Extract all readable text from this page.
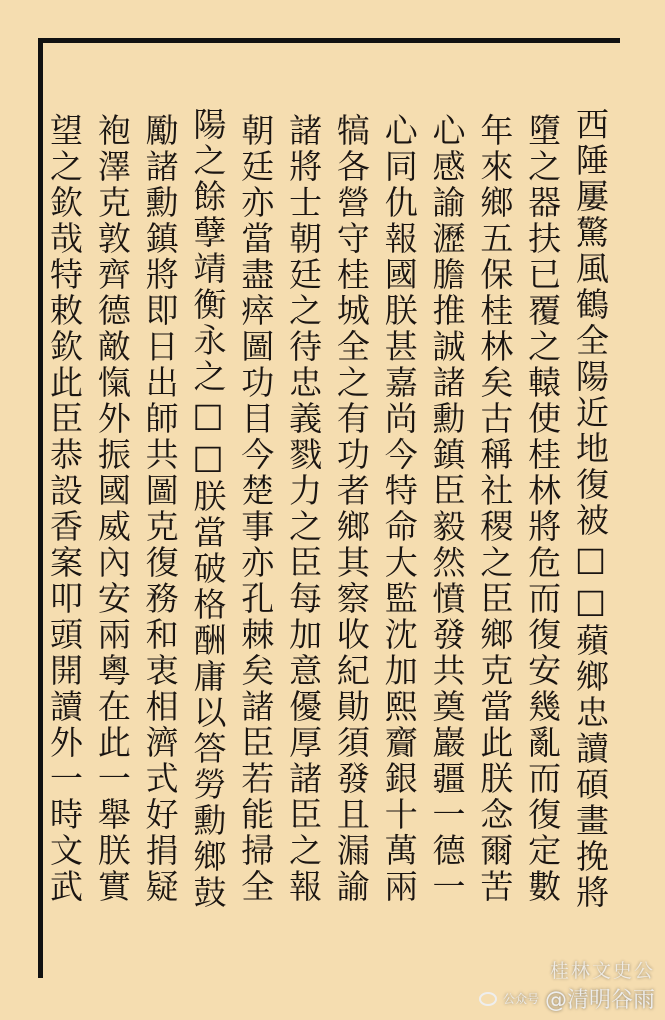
西陲屢驚風鶴全陽近地復被□□蘋鄉忠讀碩畫挽將
墮之器扶已覆之轅使桂林將危而復安幾亂而復定數
年來鄉五保桂林矣古稱社稷之臣鄉克當此朕念爾苦
心感諭瀝膽推誠諸勳鎮臣毅然憤發共奠巖疆一德一
心同仇報國朕甚嘉尚今特命大監沈加熙齎銀十萬兩
犒各營守桂城全之有功者鄉其察收紀勛須發且漏諭
諸將士朝廷之待忠義戮力之臣每加意優厚諸臣之報
朝廷亦當盡瘁圖功目今楚事亦孔棘矣諸臣若能掃全
陽之餘孽靖衡永之□□朕當破格酬庸以答勞勳鄉鼓
勵諸勳鎮將即日出師共圖克復務和衷相濟式好捐疑
袍澤克敦齊德敵愾外振國威內安兩粵在此一舉朕實
望之欽哉特敕欽此臣恭設香案叩頭開讀外一時文武
桂林文史公
公众号 @清明谷雨
